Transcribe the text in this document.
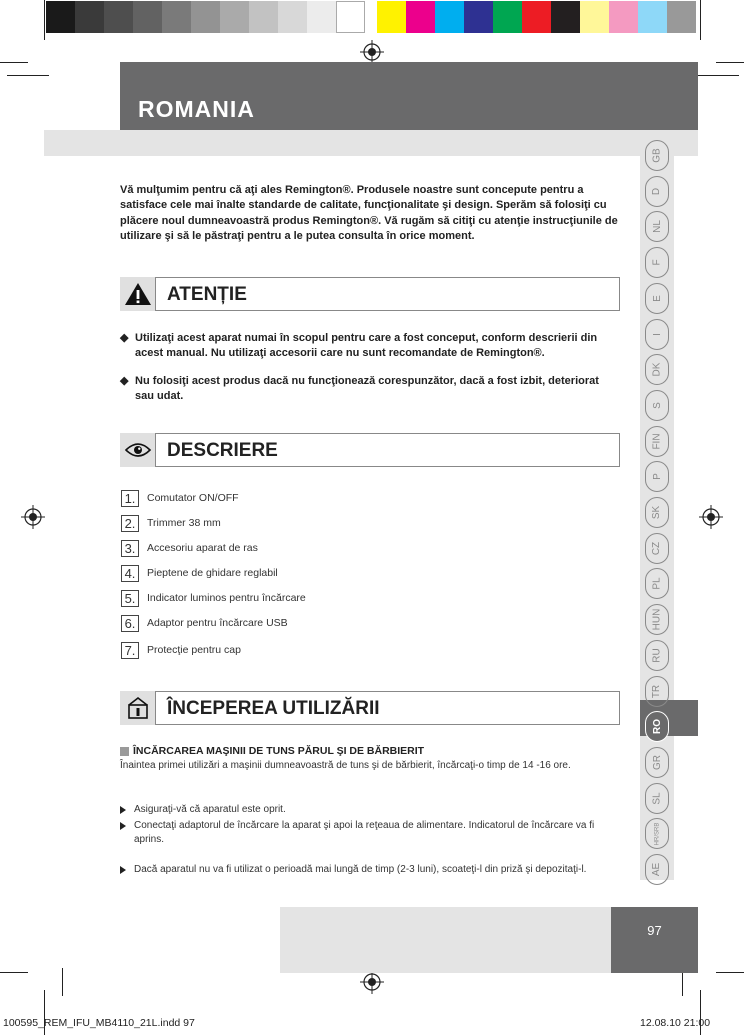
ROMANIA
GB
D
NL
F
E
I
DK
S
FIN
P
SK
CZ
PL
HUN
RU
TR
RO
GR
SL
HR/SRB
AE
Vă mulţumim pentru că aţi ales Remington®. Produsele noastre sunt concepute pentru a satisface cele mai înalte standarde de calitate, funcţionalitate şi design. Sperăm să folosiţi cu plăcere noul dumneavoastră produs Remington®. Vă rugăm să citiţi cu atenţie instrucţiunile de utilizare şi să le păstraţi pentru a le putea consulta în orice moment.
ATENȚIE
◆ Utilizaţi acest aparat numai în scopul pentru care a fost conceput, conform descrierii din acest manual. Nu utilizaţi accesorii care nu sunt recomandate de Remington®.
◆ Nu folosiţi acest produs dacă nu funcţionează corespunzător, dacă a fost izbit, deteriorat sau udat.
DESCRIERE
1.	Comutator ON/OFF
2.	Trimmer 38 mm
3.	Accesoriu aparat de ras
4.	Pieptene de ghidare reglabil
5.	Indicator luminos pentru încărcare
6.	Adaptor pentru încărcare USB
7.	Protecţie pentru cap
ÎNCEPEREA UTILIZĂRII
ÎNCĂRCAREA MAŞINII DE TUNS PĂRUL ŞI DE BĂRBIERIT
Înaintea primei utilizări a maşinii dumneavoastră de tuns şi de bărbierit, încărcaţi-o timp de 14 -16 ore.
Asiguraţi-vă că aparatul este oprit.
Conectaţi adaptorul de încărcare la aparat şi apoi la reţeaua de alimentare. Indicatorul de încărcare va fi aprins.
Dacă aparatul nu va fi utilizat o perioadă mai lungă de timp (2-3 luni), scoateţi-l din priză şi depozitaţi-l.
97
100595_REM_IFU_MB4110_21L.indd 97	12.08.10 21:00
